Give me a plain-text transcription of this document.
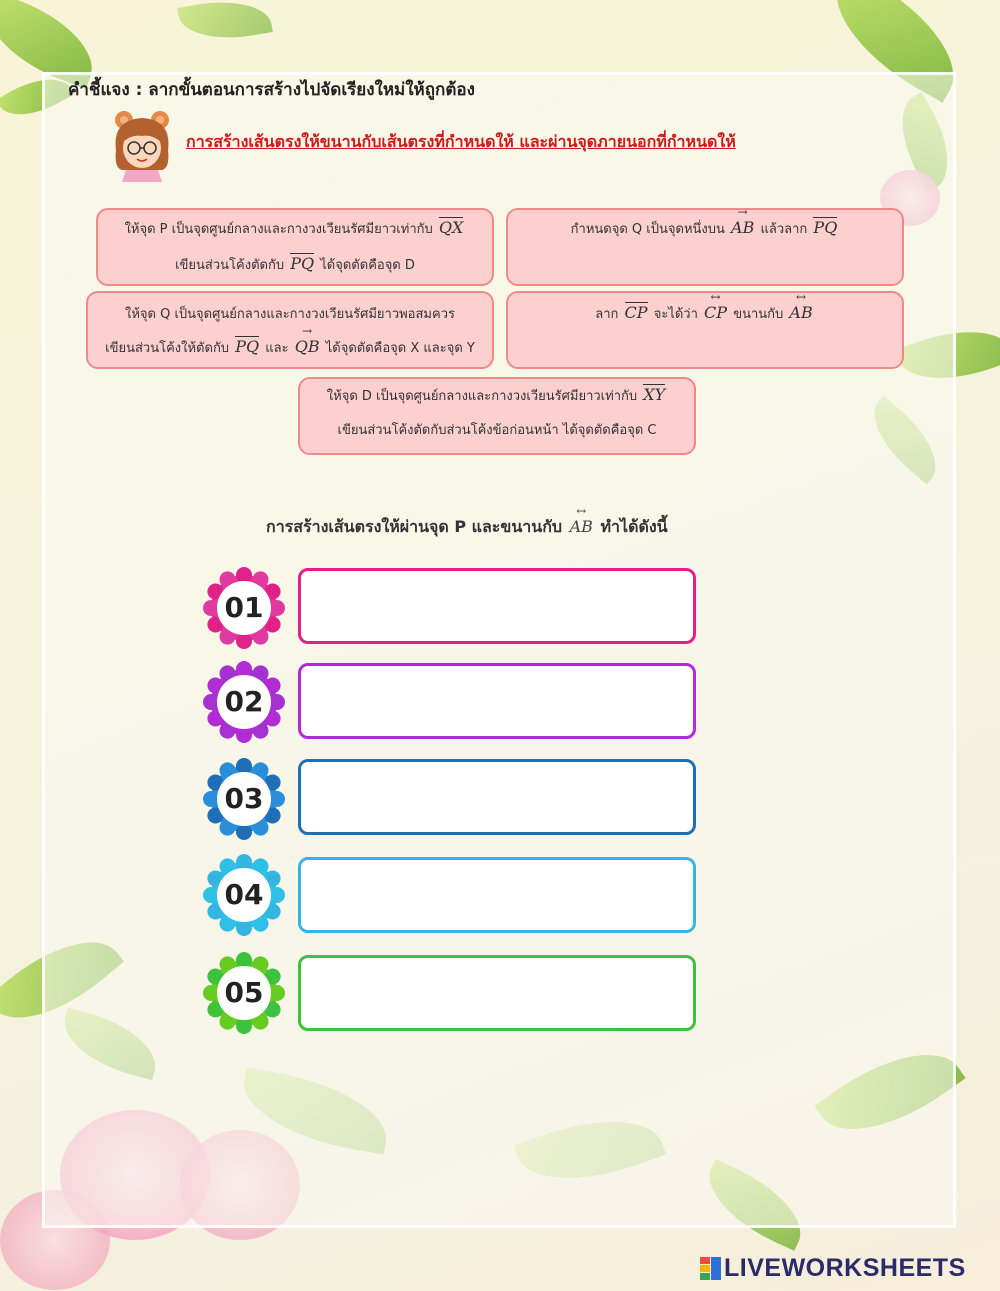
คำชี้แจง : ลากขั้นตอนการสร้างไปจัดเรียงใหม่ให้ถูกต้อง
การสร้างเส้นตรงให้ขนานกับเส้นตรงที่กำหนดให้ และผ่านจุดภายนอกที่กำหนดให้
ให้จุด P เป็นจุดศูนย์กลางและกางวงเวียนรัศมียาวเท่ากับ QX
เขียนส่วนโค้งตัดกับ PQ ได้จุดตัดคือจุด D
กำหนดจุด Q เป็นจุดหนึ่งบน → AB แล้วลาก PQ
ให้จุด Q เป็นจุดศูนย์กลางและกางวงเวียนรัศมียาวพอสมควร
เขียนส่วนโค้งให้ตัดกับ PQ และ → QB ได้จุดตัดคือจุด X และจุด Y
ลาก CP จะได้ว่า ↔ CP ขนานกับ ↔ AB
ให้จุด D เป็นจุดศูนย์กลางและกางวงเวียนรัศมียาวเท่ากับ XY
เขียนส่วนโค้งตัดกับส่วนโค้งข้อก่อนหน้า ได้จุดตัดคือจุด C
การสร้างเส้นตรงให้ผ่านจุด P และขนานกับ ↔ AB ทำได้ดังนี้
01
02
03
04
05
LIVEWORKSHEETS
